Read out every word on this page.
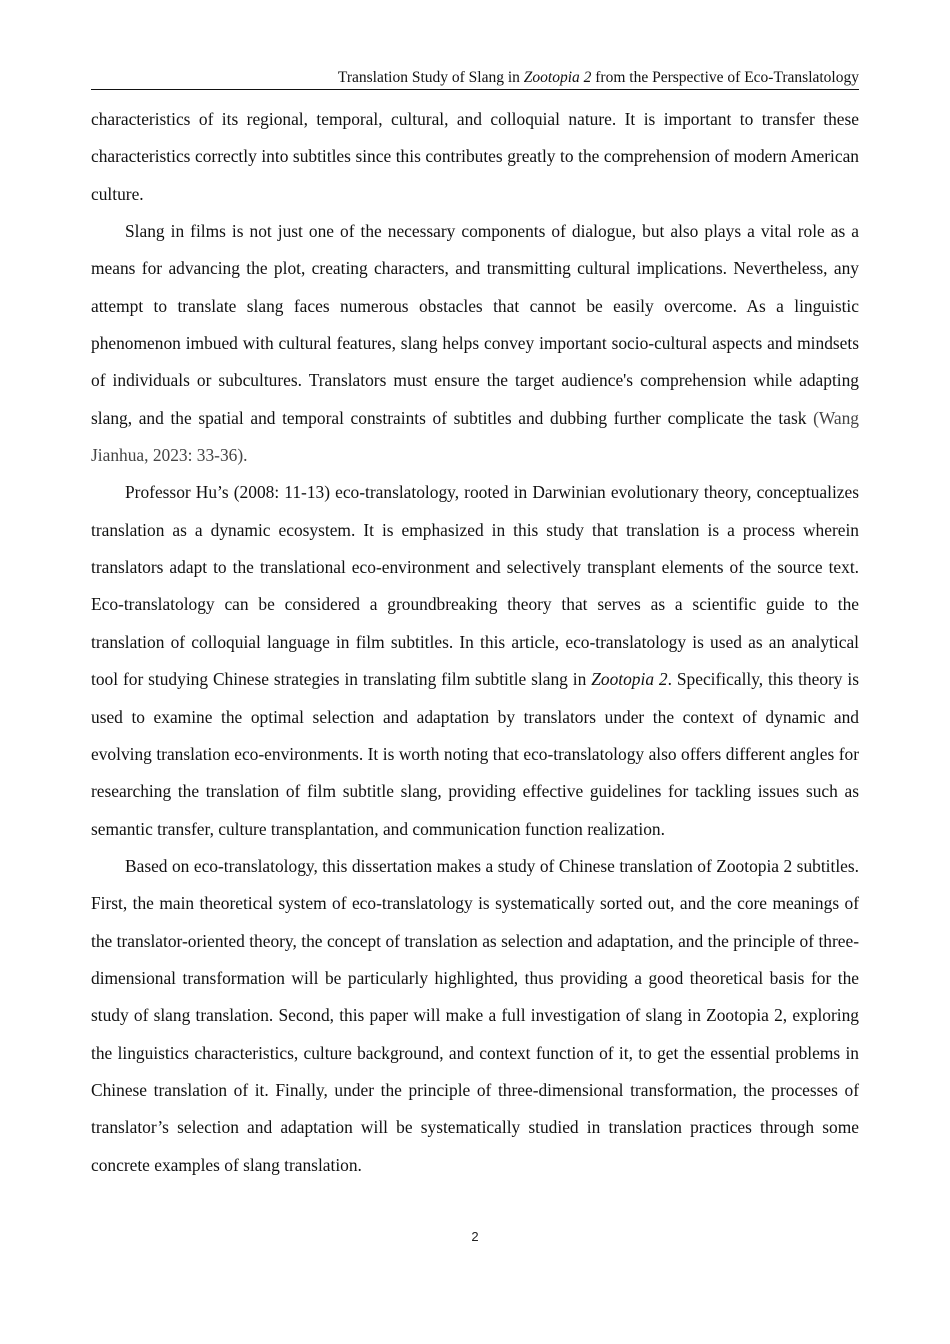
Translation Study of Slang in Zootopia 2 from the Perspective of Eco-Translatology

characteristics of its regional, temporal, cultural, and colloquial nature. It is important to transfer these characteristics correctly into subtitles since this contributes greatly to the comprehension of modern American culture.

Slang in films is not just one of the necessary components of dialogue, but also plays a vital role as a means for advancing the plot, creating characters, and transmitting cultural implications. Nevertheless, any attempt to translate slang faces numerous obstacles that cannot be easily overcome. As a linguistic phenomenon imbued with cultural features, slang helps convey important socio-cultural aspects and mindsets of individuals or subcultures. Translators must ensure the target audience's comprehension while adapting slang, and the spatial and temporal constraints of subtitles and dubbing further complicate the task (Wang Jianhua, 2023: 33-36).

Professor Hu’s (2008: 11-13) eco-translatology, rooted in Darwinian evolutionary theory, conceptualizes translation as a dynamic ecosystem. It is emphasized in this study that translation is a process wherein translators adapt to the translational eco-environment and selectively transplant elements of the source text. Eco-translatology can be considered a groundbreaking theory that serves as a scientific guide to the translation of colloquial language in film subtitles. In this article, eco-translatology is used as an analytical tool for studying Chinese strategies in translating film subtitle slang in Zootopia 2. Specifically, this theory is used to examine the optimal selection and adaptation by translators under the context of dynamic and evolving translation eco-environments. It is worth noting that eco-translatology also offers different angles for researching the translation of film subtitle slang, providing effective guidelines for tackling issues such as semantic transfer, culture transplantation, and communication function realization.

Based on eco-translatology, this dissertation makes a study of Chinese translation of Zootopia 2 subtitles. First, the main theoretical system of eco-translatology is systematically sorted out, and the core meanings of the translator-oriented theory, the concept of translation as selection and adaptation, and the principle of three-dimensional transformation will be particularly highlighted, thus providing a good theoretical basis for the study of slang translation. Second, this paper will make a full investigation of slang in Zootopia 2, exploring the linguistics characteristics, culture background, and context function of it, to get the essential problems in Chinese translation of it. Finally, under the principle of three-dimensional transformation, the processes of translator’s selection and adaptation will be systematically studied in translation practices through some concrete examples of slang translation.

2
